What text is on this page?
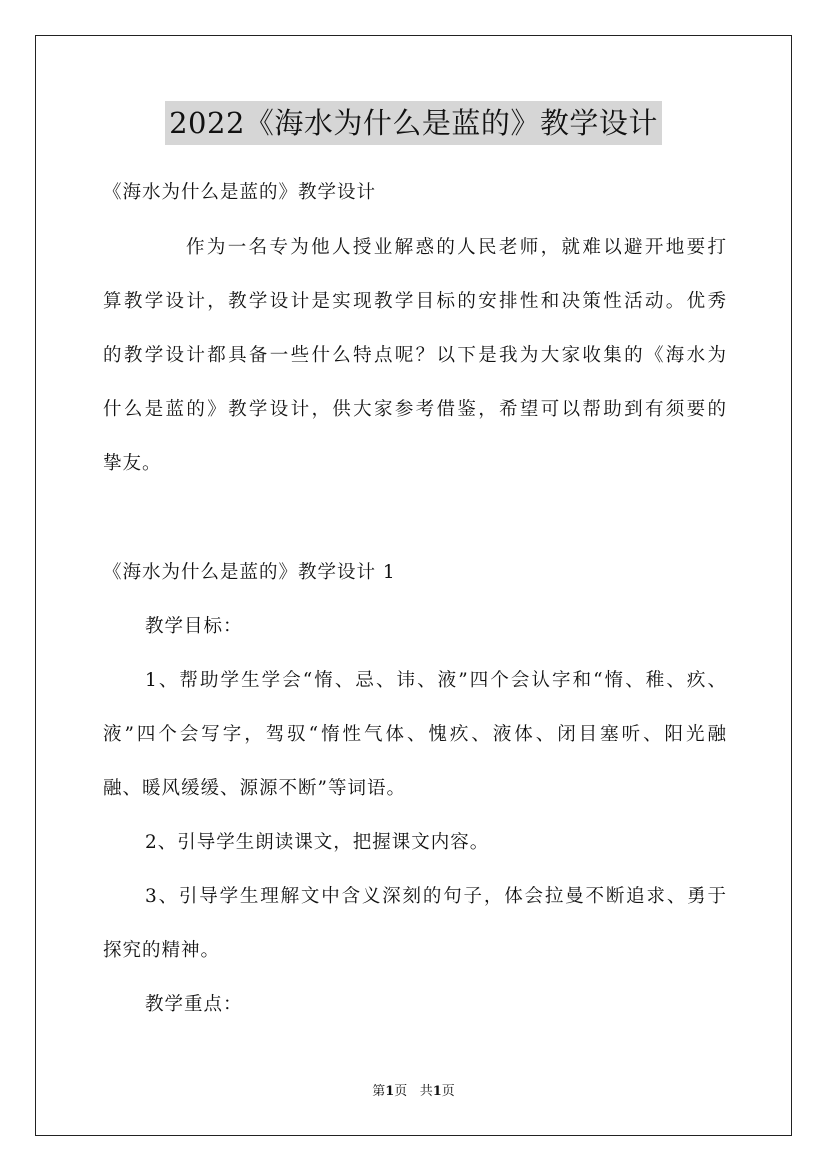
2022《海水为什么是蓝的》教学设计
《海水为什么是蓝的》教学设计
作为一名专为他人授业解惑的人民老师，就难以避开地要打
算教学设计，教学设计是实现教学目标的安排性和决策性活动。优秀
的教学设计都具备一些什么特点呢？以下是我为大家收集的《海水为
什么是蓝的》教学设计，供大家参考借鉴，希望可以帮助到有须要的
挚友。
《海水为什么是蓝的》教学设计 1
教学目标：
1、帮助学生学会“惰、忌、讳、液”四个会认字和“惰、稚、疚、
液”四个会写字，驾驭“惰性气体、愧疚、液体、闭目塞听、阳光融
融、暖风缓缓、源源不断”等词语。
2、引导学生朗读课文，把握课文内容。
3、引导学生理解文中含义深刻的句子，体会拉曼不断追求、勇于
探究的精神。
教学重点：
第1页 共1页
